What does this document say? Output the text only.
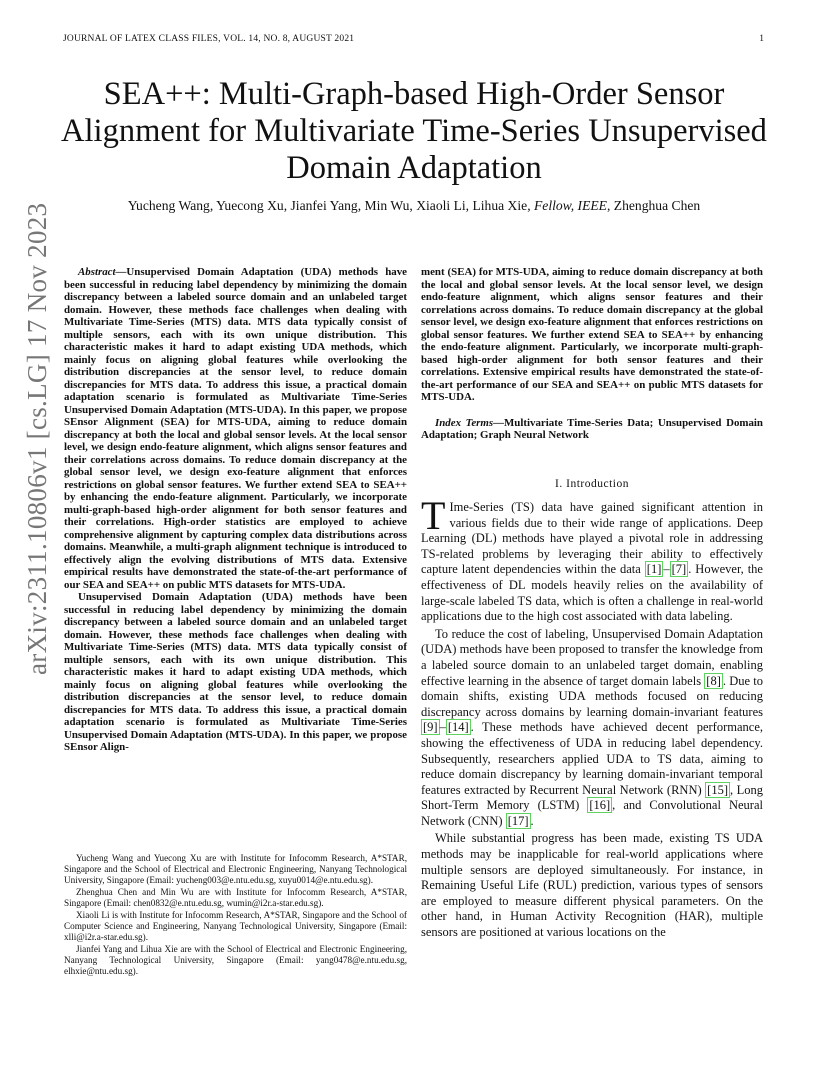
JOURNAL OF LATEX CLASS FILES, VOL. 14, NO. 8, AUGUST 2021	1
SEA++: Multi-Graph-based High-Order Sensor Alignment for Multivariate Time-Series Unsupervised Domain Adaptation
Yucheng Wang, Yuecong Xu, Jianfei Yang, Min Wu, Xiaoli Li, Lihua Xie, Fellow, IEEE, Zhenghua Chen
arXiv:2311.10806v1 [cs.LG] 17 Nov 2023	Abstract—Unsupervised Domain Adaptation (UDA) methods have been successful in reducing label dependency by minimizing the domain discrepancy between a labeled source domain and an unlabeled target domain. However, these methods face challenges when dealing with Multivariate Time-Series (MTS) data. MTS data typically consist of multiple sensors, each with its own unique distribution. This characteristic makes it hard to adapt existing UDA methods, which mainly focus on aligning global features while overlooking the distribution discrepancies at the sensor level, to reduce domain discrepancies for MTS data. To address this issue, a practical domain adaptation scenario is formulated as Multivariate Time-Series Unsupervised Domain Adaptation (MTS-UDA). In this paper, we propose SEnsor Alignment (SEA) for MTS-UDA, aiming to reduce domain discrepancy at both the local and global sensor levels. At the local sensor level, we design endo-feature alignment, which aligns sensor features and their correlations across domains. To reduce domain discrepancy at the global sensor level, we design exo-feature alignment that enforces restrictions on global sensor features. We further extend SEA to SEA++ by enhancing the endo-feature alignment. Particularly, we incorporate multi-graph-based high-order alignment for both sensor features and their correlations. High-order statistics are employed to achieve comprehensive alignment by capturing complex data distributions across domains. Meanwhile, a multi-graph alignment technique is introduced to effectively align the evolving distributions of MTS data. Extensive empirical results have demonstrated the state-of-the-art performance of our SEA and SEA++ on public MTS datasets for MTS-UDA.

Unsupervised Domain Adaptation (UDA) methods have been successful in reducing label dependency by minimizing the domain discrepancy between a labeled source domain and an unlabeled target domain. However, these methods face challenges when dealing with Multivariate Time-Series (MTS) data. MTS data typically consist of multiple sensors, each with its own unique distribution. This characteristic makes it hard to adapt existing UDA methods, which mainly focus on aligning global features while overlooking the distribution discrepancies at the sensor level, to reduce domain discrepancies for MTS data. To address this issue, a practical domain adaptation scenario is formulated as Multivariate Time-Series Unsupervised Domain Adaptation (MTS-UDA). In this paper, we propose SEnsor Align-

Yucheng Wang and Yuecong Xu are with Institute for Infocomm Research, A*STAR, Singapore and the School of Electrical and Electronic Engineering, Nanyang Technological University, Singapore (Email: yucheng003@e.ntu.edu.sg, xuyu0014@e.ntu.edu.sg).

Zhenghua Chen and Min Wu are with Institute for Infocomm Research, A*STAR, Singapore (Email: chen0832@e.ntu.edu.sg, wumin@i2r.a-star.edu.sg).

Xiaoli Li is with Institute for Infocomm Research, A*STAR, Singapore and the School of Computer Science and Engineering, Nanyang Technological University, Singapore (Email: xlli@i2r.a-star.edu.sg).

Jianfei Yang and Lihua Xie are with the School of Electrical and Electronic Engineering, Nanyang Technological University, Singapore (Email: yang0478@e.ntu.edu.sg, elhxie@ntu.edu.sg).

ment (SEA) for MTS-UDA, aiming to reduce domain discrepancy at both the local and global sensor levels. At the local sensor level, we design endo-feature alignment, which aligns sensor features and their correlations across domains. To reduce domain discrepancy at the global sensor level, we design exo-feature alignment that enforces restrictions on global sensor features. We further extend SEA to SEA++ by enhancing the endo-feature alignment. Particularly, we incorporate multi-graph-based high-order alignment for both sensor features and their correlations. Extensive empirical results have demonstrated the state-of-the-art performance of our SEA and SEA++ on public MTS datasets for MTS-UDA.

Index Terms—Multivariate Time-Series Data; Unsupervised Domain Adaptation; Graph Neural Network

I. Introduction

T Ime-Series (TS) data have gained significant attention in various fields due to their wide range of applications. Deep Learning (DL) methods have played a pivotal role in addressing TS-related problems by leveraging their ability to effectively capture latent dependencies within the data [1] – [7] . However, the effectiveness of DL models heavily relies on the availability of large-scale labeled TS data, which is often a challenge in real-world applications due to the high cost associated with data labeling.

To reduce the cost of labeling, Unsupervised Domain Adaptation (UDA) methods have been proposed to transfer the knowledge from a labeled source domain to an unlabeled target domain, enabling effective learning in the absence of target domain labels [8] . Due to domain shifts, existing UDA methods focused on reducing discrepancy across domains by learning domain-invariant features [9] – [14] . These methods have achieved decent performance, showing the effectiveness of UDA in reducing label dependency. Subsequently, researchers applied UDA to TS data, aiming to reduce domain discrepancy by learning domain-invariant temporal features extracted by Recurrent Neural Network (RNN) [15] , Long Short-Term Memory (LSTM) [16] , and Convolutional Neural Network (CNN) [17] .

While substantial progress has been made, existing TS UDA methods may be inapplicable for real-world applications where multiple sensors are deployed simultaneously. For instance, in Remaining Useful Life (RUL) prediction, various types of sensors are employed to measure different physical parameters. On the other hand, in Human Activity Recognition (HAR), multiple sensors are positioned at various locations on the
